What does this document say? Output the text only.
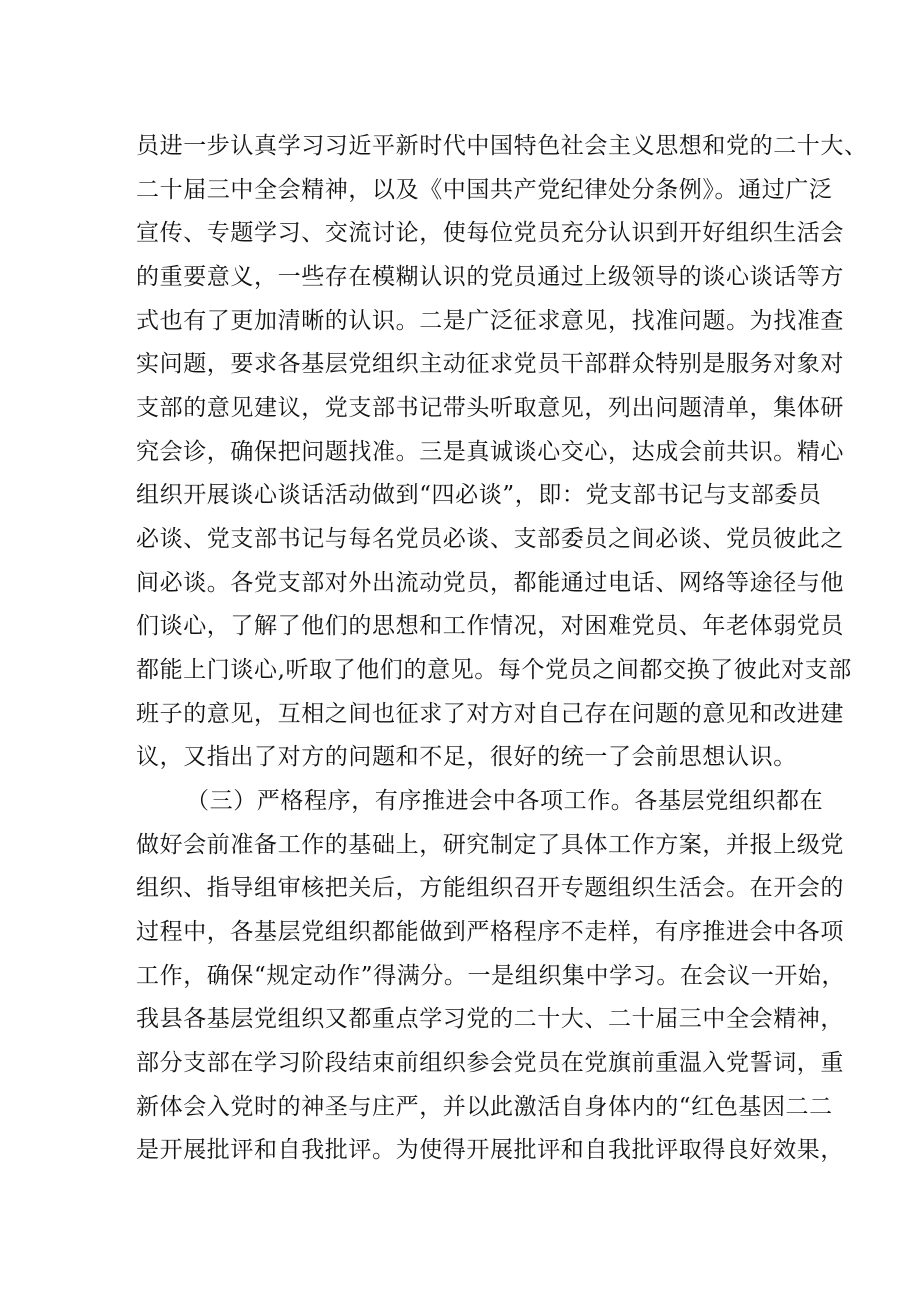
员进一步认真学习习近平新时代中国特色社会主义思想和党的二十大、
二十届三中全会精神，以及《中国共产党纪律处分条例》。通过广泛
宣传、专题学习、交流讨论，使每位党员充分认识到开好组织生活会
的重要意义，一些存在模糊认识的党员通过上级领导的谈心谈话等方
式也有了更加清晰的认识。二是广泛征求意见，找准问题。为找准查
实问题，要求各基层党组织主动征求党员干部群众特别是服务对象对
支部的意见建议，党支部书记带头听取意见，列出问题清单，集体研
究会诊，确保把问题找准。三是真诚谈心交心，达成会前共识。精心
组织开展谈心谈话活动做到“四必谈”，即：党支部书记与支部委员
必谈、党支部书记与每名党员必谈、支部委员之间必谈、党员彼此之
间必谈。各党支部对外出流动党员，都能通过电话、网络等途径与他
们谈心，了解了他们的思想和工作情况，对困难党员、年老体弱党员
都能上门谈心,听取了他们的意见。每个党员之间都交换了彼此对支部
班子的意见，互相之间也征求了对方对自己存在问题的意见和改进建
议，又指出了对方的问题和不足，很好的统一了会前思想认识。
（三）严格程序，有序推进会中各项工作。各基层党组织都在
做好会前准备工作的基础上，研究制定了具体工作方案，并报上级党
组织、指导组审核把关后，方能组织召开专题组织生活会。在开会的
过程中，各基层党组织都能做到严格程序不走样，有序推进会中各项
工作，确保“规定动作”得满分。一是组织集中学习。在会议一开始，
我县各基层党组织又都重点学习党的二十大、二十届三中全会精神，
部分支部在学习阶段结束前组织参会党员在党旗前重温入党誓词，重
新体会入党时的神圣与庄严，并以此激活自身体内的“红色基因二二
是开展批评和自我批评。为使得开展批评和自我批评取得良好效果，
